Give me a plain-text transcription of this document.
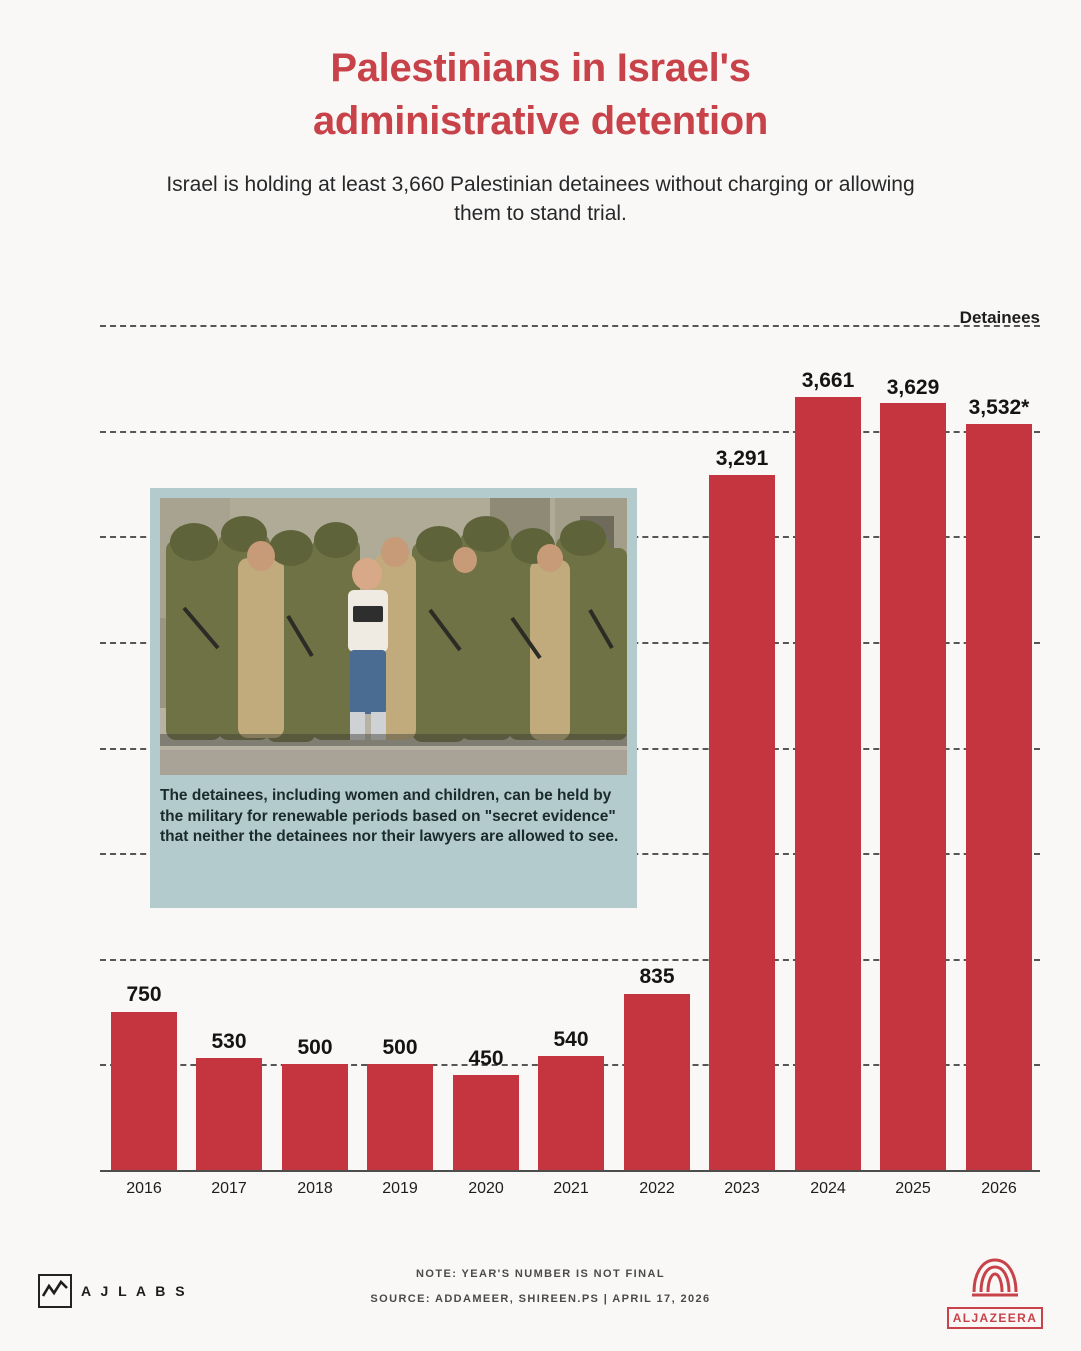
Palestinians in Israel's administrative detention

Israel is holding at least 3,660 Palestinian detainees without charging or allowing them to stand trial.

Detainees
750
530 500 500 450
540
835
3,291
3,661 3,629
3,532*
2016	2017	2018	2019	2020	2021	2022	2023	2024	2025	2026
The detainees, including women and children, can be held by the military for renewable periods based on "secret evidence" that neither the detainees nor their lawyers are allowed to see.
A J L A B S
NOTE: YEAR'S NUMBER IS NOT FINAL
SOURCE: ADDAMEER, SHIREEN.PS | APRIL 17, 2026
ALJAZEERA
